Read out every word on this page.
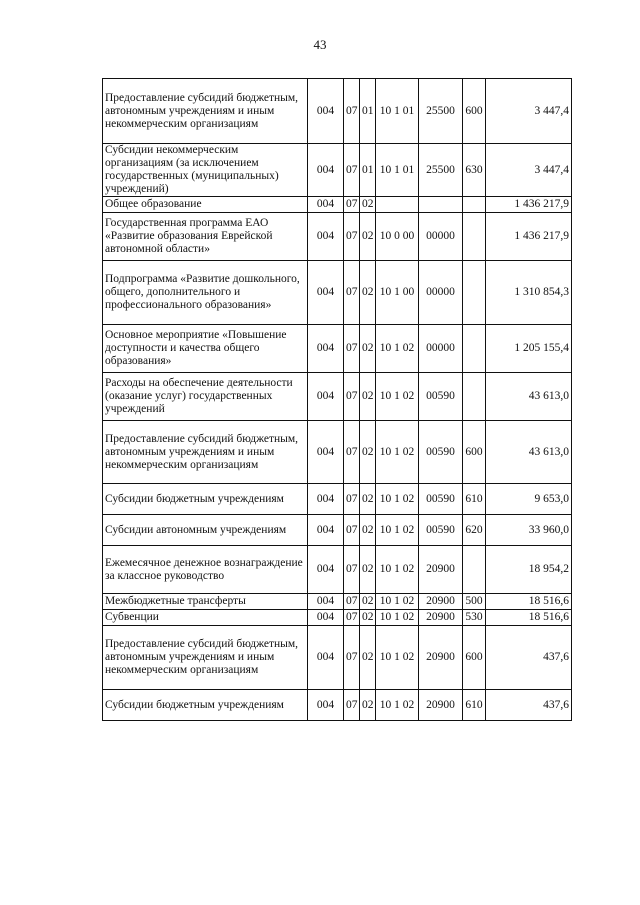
43
Предоставление субсидий бюджетным, автономным учреждениям и иным некоммерческим организациям	004	07	01	10 1 01	25500	600	3 447,4
Субсидии некоммерческим организациям (за исключением государственных (муниципальных) учреждений)	004	07	01	10 1 01	25500	630	3 447,4
Общее образование	004	07	02				1 436 217,9
Государственная программа ЕАО «Развитие образования Еврейской автономной области»	004	07	02	10 0 00	00000		1 436 217,9
Подпрограмма «Развитие дошкольного, общего, дополнительного и профессионального образования»	004	07	02	10 1 00	00000		1 310 854,3
Основное мероприятие «Повышение доступности и качества общего образования»	004	07	02	10 1 02	00000		1 205 155,4
Расходы на обеспечение деятельности (оказание услуг) государственных учреждений	004	07	02	10 1 02	00590		43 613,0
Предоставление субсидий бюджетным, автономным учреждениям и иным некоммерческим организациям	004	07	02	10 1 02	00590	600	43 613,0
Субсидии бюджетным учреждениям	004	07	02	10 1 02	00590	610	9 653,0
Субсидии автономным учреждениям	004	07	02	10 1 02	00590	620	33 960,0
Ежемесячное денежное вознаграждение за классное руководство	004	07	02	10 1 02	20900		18 954,2
Межбюджетные трансферты	004	07	02	10 1 02	20900	500	18 516,6
Субвенции	004	07	02	10 1 02	20900	530	18 516,6
Предоставление субсидий бюджетным, автономным учреждениям и иным некоммерческим организациям	004	07	02	10 1 02	20900	600	437,6
Субсидии бюджетным учреждениям	004	07	02	10 1 02	20900	610	437,6
